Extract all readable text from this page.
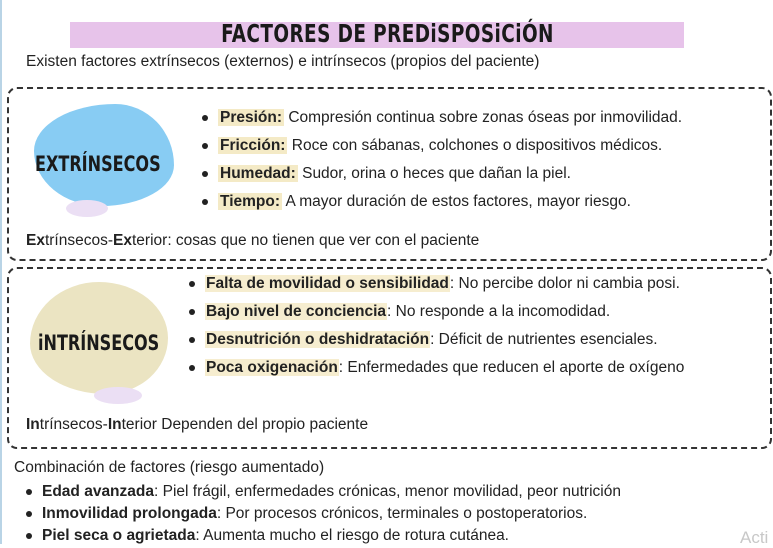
FACTORES DE PREDiSPOSiCiÓN
Existen factores extrínsecos (externos) e intrínsecos (propios del paciente)
EXTRÍNSECOS
Presión: Compresión continua sobre zonas óseas por inmovilidad.
Fricción: Roce con sábanas, colchones o dispositivos médicos.
Humedad: Sudor, orina o heces que dañan la piel.
Tiempo: A mayor duración de estos factores, mayor riesgo.
Extrínsecos-Exterior: cosas que no tienen que ver con el paciente
iNTRÍNSECOS
Falta de movilidad o sensibilidad: No percibe dolor ni cambia posi.
Bajo nivel de conciencia: No responde a la incomodidad.
Desnutrición o deshidratación: Déficit de nutrientes esenciales.
Poca oxigenación: Enfermedades que reducen el aporte de oxígeno
Intrínsecos-Interior Dependen del propio paciente
Combinación de factores (riesgo aumentado)
Edad avanzada: Piel frágil, enfermedades crónicas, menor movilidad, peor nutrición
Inmovilidad prolongada: Por procesos crónicos, terminales o postoperatorios.
Piel seca o agrietada: Aumenta mucho el riesgo de rotura cutánea.	Acti
